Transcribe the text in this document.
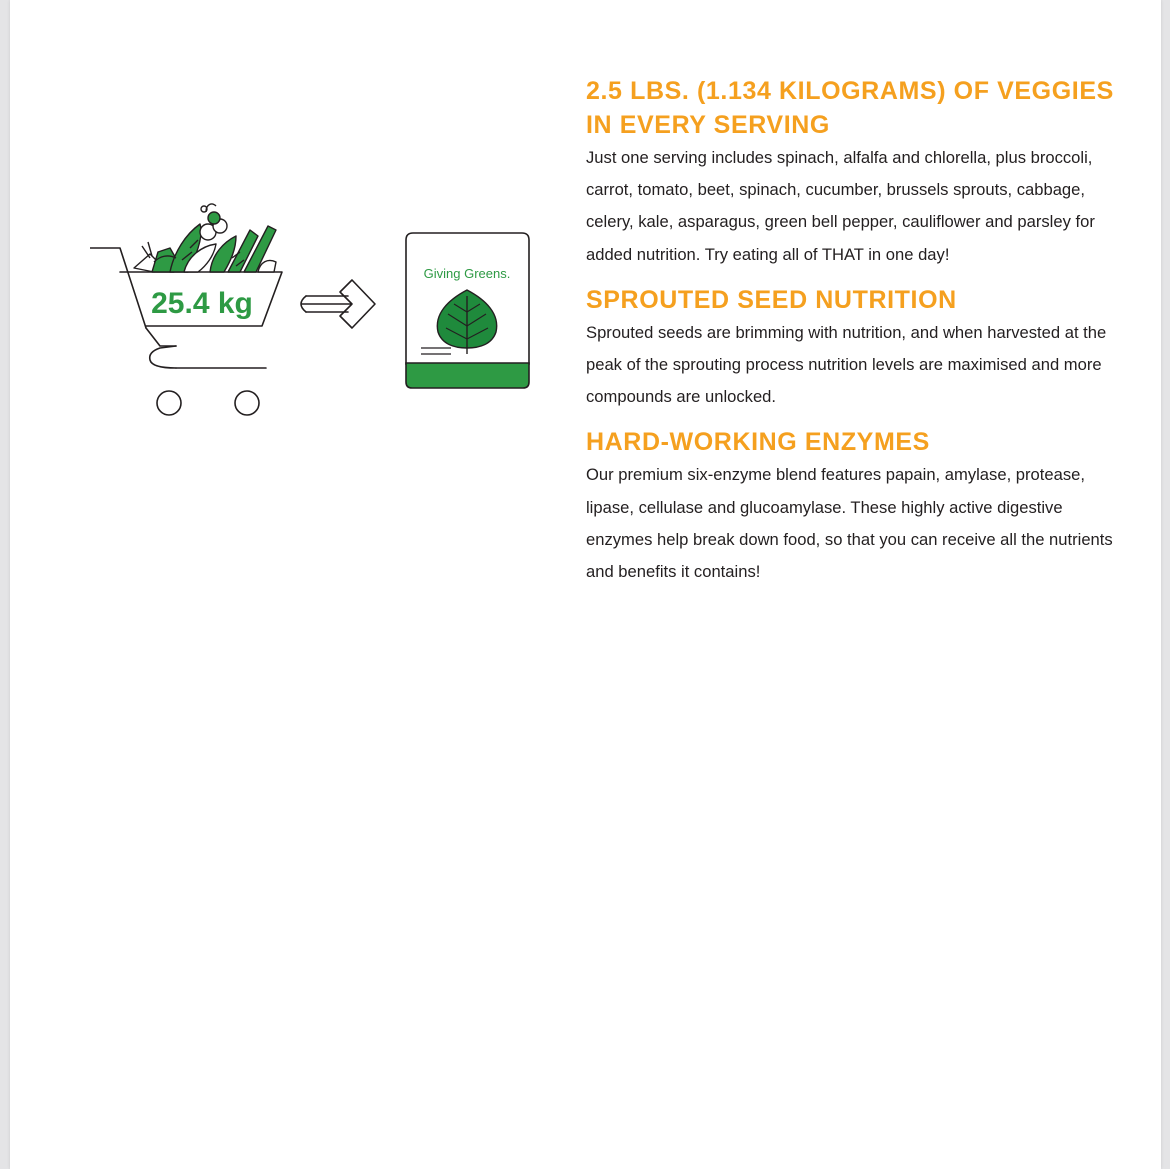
25.4 kg
Giving Greens.
2.5 LBS. (1.134 KILOGRAMS) OF VEGGIES IN EVERY SERVING

Just one serving includes spinach, alfalfa and chlorella, plus broccoli, carrot, tomato, beet, spinach, cucumber, brussels sprouts, cabbage, celery, kale, asparagus, green bell pepper, cauliflower and parsley for added nutrition. Try eating all of THAT in one day!

SPROUTED SEED NUTRITION

Sprouted seeds are brimming with nutrition, and when harvested at the peak of the sprouting process nutrition levels are maximised and more compounds are unlocked.

HARD-WORKING ENZYMES

Our premium six-enzyme blend features papain, amylase, protease, lipase, cellulase and glucoamylase. These highly active digestive enzymes help break down food, so that you can receive all the nutrients and benefits it contains!
